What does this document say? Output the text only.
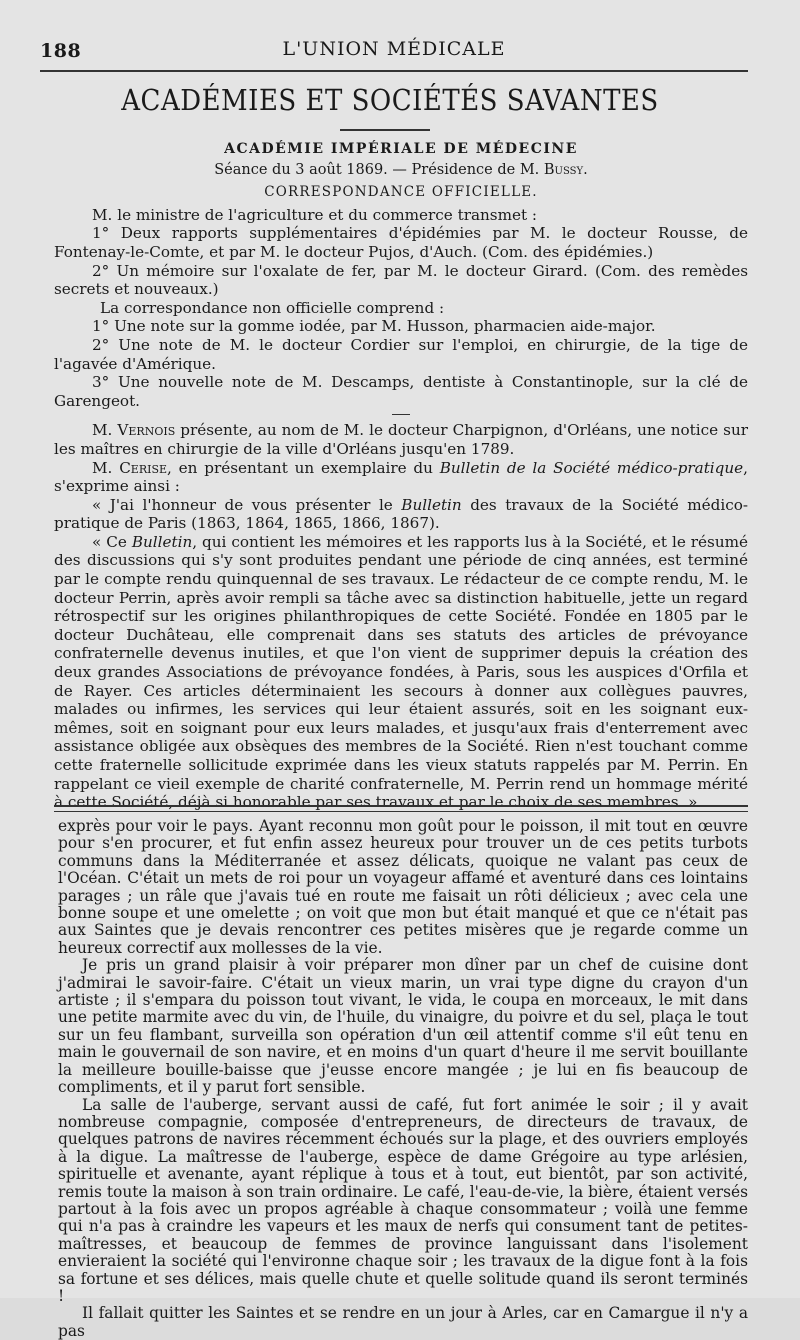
188	L'UNION MÉDICALE
ACADÉMIES ET SOCIÉTÉS SAVANTES
ACADÉMIE IMPÉRIALE DE MÉDECINE
Séance du 3 août 1869. — Présidence de M. Bussy.
CORRESPONDANCE OFFICIELLE.

M. le ministre de l'agriculture et du commerce transmet :

1° Deux rapports supplémentaires d'épidémies par M. le docteur Rousse, de Fontenay-le-Comte, et par M. le docteur Pujos, d'Auch. (Com. des épidémies.)

2° Un mémoire sur l'oxalate de fer, par M. le docteur Girard. (Com. des remèdes secrets et nouveaux.)

La correspondance non officielle comprend :

1° Une note sur la gomme iodée, par M. Husson, pharmacien aide-major.

2° Une note de M. le docteur Cordier sur l'emploi, en chirurgie, de la tige de l'agavée d'Amérique.

3° Une nouvelle note de M. Descamps, dentiste à Constantinople, sur la clé de Garengeot.

M. Vernois présente, au nom de M. le docteur Charpignon, d'Orléans, une notice sur les maîtres en chirurgie de la ville d'Orléans jusqu'en 1789.

M. Cerise, en présentant un exemplaire du Bulletin de la Société médico-pratique, s'exprime ainsi :

« J'ai l'honneur de vous présenter le Bulletin des travaux de la Société médico-pratique de Paris (1863, 1864, 1865, 1866, 1867).

« Ce Bulletin, qui contient les mémoires et les rapports lus à la Société, et le résumé des discussions qui s'y sont produites pendant une période de cinq années, est terminé par le compte rendu quinquennal de ses travaux. Le rédacteur de ce compte rendu, M. le docteur Perrin, après avoir rempli sa tâche avec sa distinction habituelle, jette un regard rétrospectif sur les origines philanthropiques de cette Société. Fondée en 1805 par le docteur Duchâteau, elle comprenait dans ses statuts des articles de prévoyance confraternelle devenus inutiles, et que l'on vient de supprimer depuis la création des deux grandes Associations de prévoyance fondées, à Paris, sous les auspices d'Orfila et de Rayer. Ces articles déterminaient les secours à donner aux collègues pauvres, malades ou infirmes, les services qui leur étaient assurés, soit en les soignant eux-mêmes, soit en soignant pour eux leurs malades, et jusqu'aux frais d'enterrement avec assistance obligée aux obsèques des membres de la Société. Rien n'est touchant comme cette fraternelle sollicitude exprimée dans les vieux statuts rappelés par M. Perrin. En rappelant ce vieil exemple de charité confraternelle, M. Perrin rend un hommage mérité à cette Société, déjà si honorable par ses travaux et par le choix de ses membres. »

exprès pour voir le pays. Ayant reconnu mon goût pour le poisson, il mit tout en œuvre pour s'en procurer, et fut enfin assez heureux pour trouver un de ces petits turbots communs dans la Méditerranée et assez délicats, quoique ne valant pas ceux de l'Océan. C'était un mets de roi pour un voyageur affamé et aventuré dans ces lointains parages ; un râle que j'avais tué en route me faisait un rôti délicieux ; avec cela une bonne soupe et une omelette ; on voit que mon but était manqué et que ce n'était pas aux Saintes que je devais rencontrer ces petites misères que je regarde comme un heureux correctif aux mollesses de la vie.

Je pris un grand plaisir à voir préparer mon dîner par un chef de cuisine dont j'admirai le savoir-faire. C'était un vieux marin, un vrai type digne du crayon d'un artiste ; il s'empara du poisson tout vivant, le vida, le coupa en morceaux, le mit dans une petite marmite avec du vin, de l'huile, du vinaigre, du poivre et du sel, plaça le tout sur un feu flambant, surveilla son opération d'un œil attentif comme s'il eût tenu en main le gouvernail de son navire, et en moins d'un quart d'heure il me servit bouillante la meilleure bouille-baisse que j'eusse encore mangée ; je lui en fis beaucoup de compliments, et il y parut fort sensible.

La salle de l'auberge, servant aussi de café, fut fort animée le soir ; il y avait nombreuse compagnie, composée d'entrepreneurs, de directeurs de travaux, de quelques patrons de navires récemment échoués sur la plage, et des ouvriers employés à la digue. La maîtresse de l'auberge, espèce de dame Grégoire au type arlésien, spirituelle et avenante, ayant réplique à tous et à tout, eut bientôt, par son activité, remis toute la maison à son train ordinaire. Le café, l'eau-de-vie, la bière, étaient versés partout à la fois avec un propos agréable à chaque consommateur ; voilà une femme qui n'a pas à craindre les vapeurs et les maux de nerfs qui consument tant de petites-maîtresses, et beaucoup de femmes de province languissant dans l'isolement envieraient la société qui l'environne chaque soir ; les travaux de la digue font à la fois sa fortune et ses délices, mais quelle chute et quelle solitude quand ils seront terminés !

Il fallait quitter les Saintes et se rendre en un jour à Arles, car en Camargue il n'y a pas
